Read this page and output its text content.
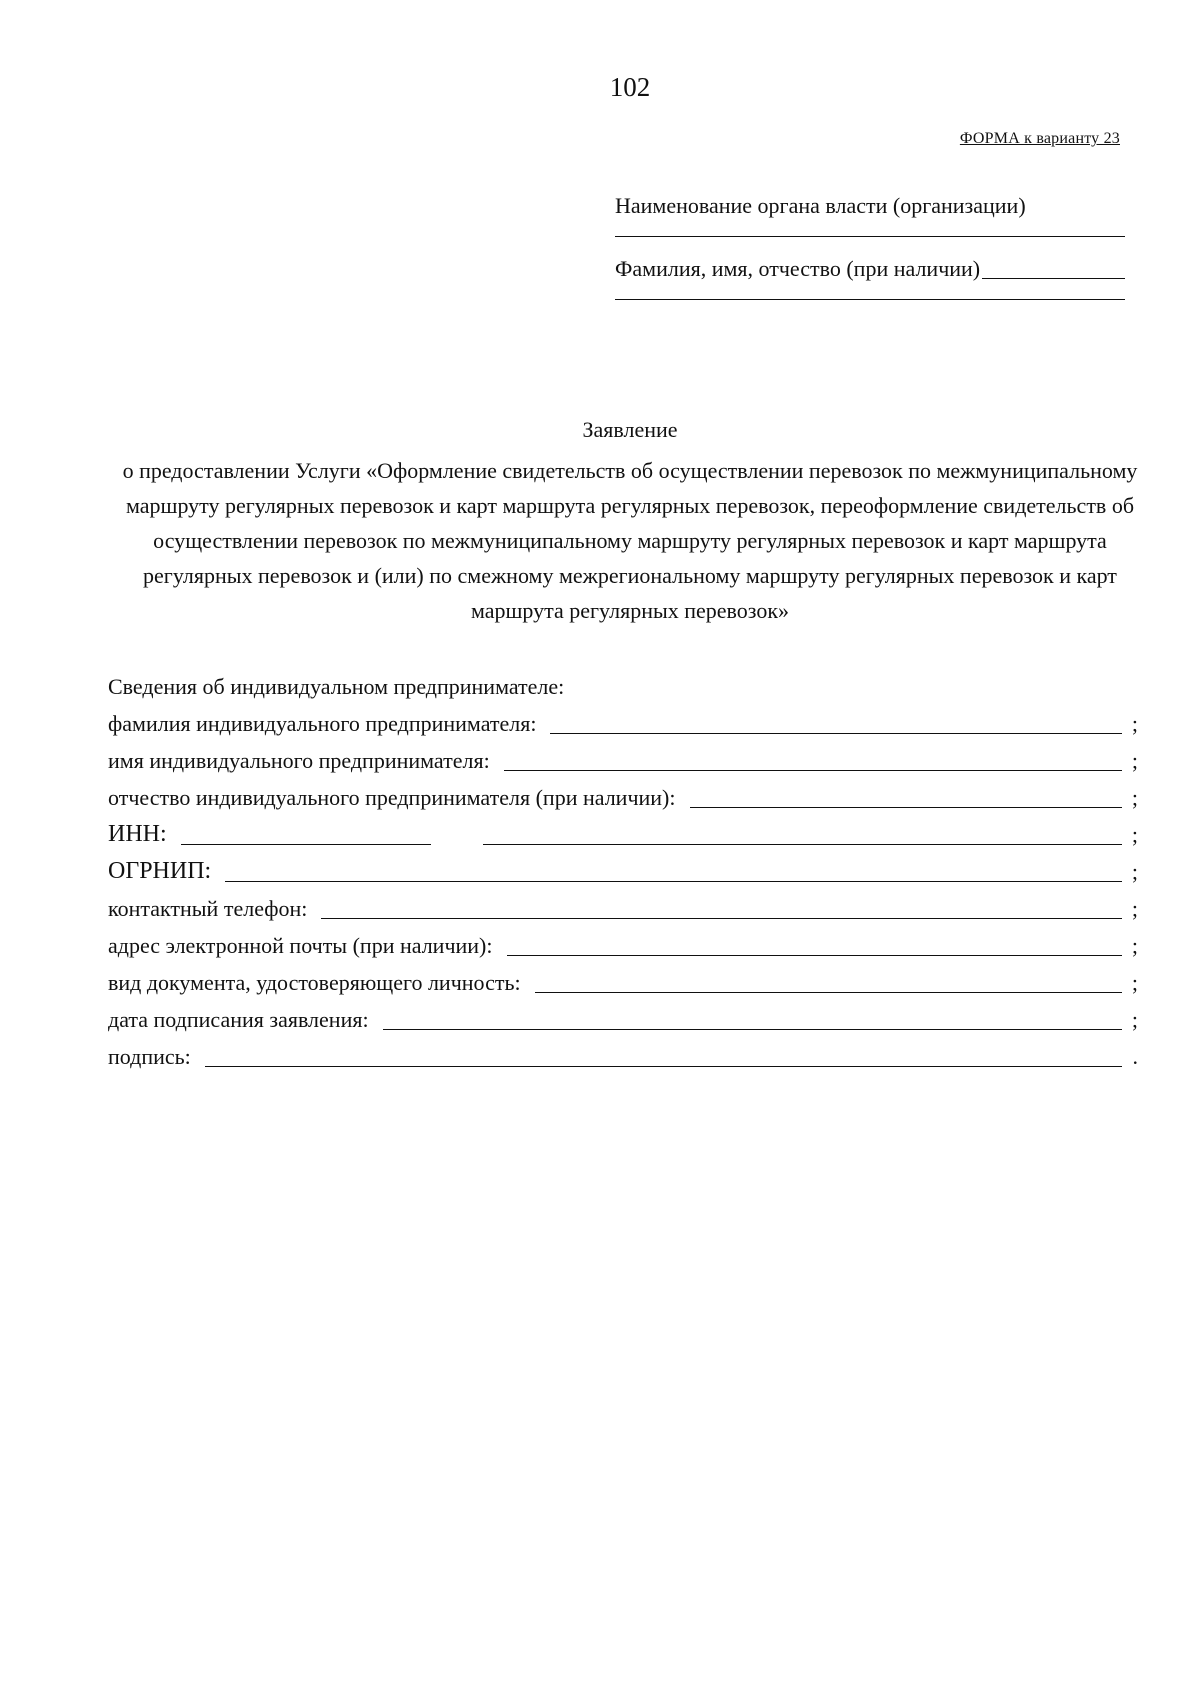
102
ФОРМА к варианту 23
Наименование органа власти (организации)
Фамилия, имя, отчество (при наличии)
Заявление
о предоставлении Услуги «Оформление свидетельств об осуществлении перевозок по межмуниципальному маршруту регулярных перевозок и карт маршрута регулярных перевозок, переоформление свидетельств об осуществлении перевозок по межмуниципальному маршруту регулярных перевозок и карт маршрута регулярных перевозок и (или) по смежному межрегиональному маршруту регулярных перевозок и карт маршрута регулярных перевозок»
Сведения об индивидуальном предпринимателе:
фамилия индивидуального предпринимателя:	;
имя индивидуального предпринимателя:	;
отчество индивидуального предпринимателя (при наличии):	;
ИНН:	;
ОГРНИП:	;
контактный телефон:	;
адрес электронной почты (при наличии):	;
вид документа, удостоверяющего личность:	;
дата подписания заявления:	;
подпись:	.
